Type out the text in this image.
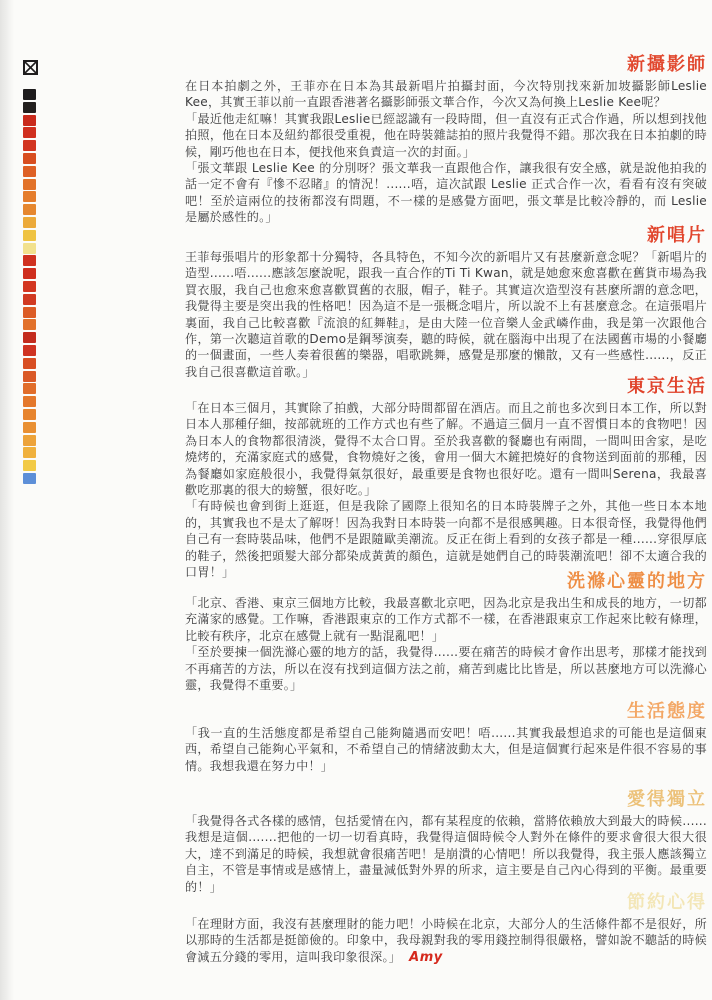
新攝影師

在日本拍劇之外，王菲亦在日本為其最新唱片拍攝封面，今次特別找來新加坡攝影師Leslie Kee，其實王菲以前一直跟香港著名攝影師張文華合作，今次又為何換上Leslie Kee呢？

「最近他走紅嘛！其實我跟Leslie已經認識有一段時間，但一直沒有正式合作過，所以想到找他拍照，他在日本及紐約都很受重視，他在時裝雜誌拍的照片我覺得不錯。那次我在日本拍劇的時候，剛巧他也在日本，便找他來負責這一次的封面。」

「張文華跟 Leslie Kee 的分別呀？張文華我一直跟他合作，讓我很有安全感，就是說他拍我的話一定不會有『慘不忍睹』的情況！......唔，這次試跟 Leslie 正式合作一次，看看有沒有突破吧！至於這兩位的技術都沒有問題，不一樣的是感覺方面吧，張文華是比較冷靜的，而 Leslie 是屬於感性的。」

新唱片

王菲每張唱片的形象都十分獨特，各具特色，不知今次的新唱片又有甚麼新意念呢？「新唱片的造型......唔......應該怎麼說呢，跟我一直合作的Ti Ti Kwan，就是她愈來愈喜歡在舊貨市場為我買衣服，我自己也愈來愈喜歡買舊的衣服，帽子，鞋子。其實這次造型沒有甚麼所謂的意念吧，我覺得主要是突出我的性格吧！因為這不是一張概念唱片，所以說不上有甚麼意念。在這張唱片裏面，我自己比較喜歡『流浪的紅舞鞋』，是由大陸一位音樂人金武嶙作曲，我是第一次跟他合作，第一次聽這首歌的Demo是鋼琴演奏，聽的時候，就在腦海中出現了在法國舊市場的小餐廳的一個畫面，一些人奏着很舊的樂器，唱歌跳舞，感覺是那麼的懶散，又有一些感性......，反正我自己很喜歡這首歌。」

東京生活

「在日本三個月，其實除了拍戲，大部分時間都留在酒店。而且之前也多次到日本工作，所以對日本人那種仔細，按部就班的工作方式也有些了解。不過這三個月一直不習慣日本的食物吧！因為日本人的食物都很清淡，覺得不太合口胃。至於我喜歡的餐廳也有兩間，一間叫田舍家，是吃燒烤的，充滿家庭式的感覺，食物燒好之後，會用一個大木鏟把燒好的食物送到面前的那種，因為餐廳如家庭般很小，我覺得氣氛很好，最重要是食物也很好吃。還有一間叫Serena，我最喜歡吃那裏的很大的螃蟹，很好吃。」

「有時候也會到街上逛逛，但是我除了國際上很知名的日本時裝牌子之外，其他一些日本本地的，其實我也不是太了解呀！因為我對日本時裝一向都不是很感興趣。日本很奇怪，我覺得他們自己有一套時裝品味，他們不是跟隨歐美潮流。反正在街上看到的女孩子都是一種......穿很厚底的鞋子，然後把頭髮大部分都染成黃黃的顏色，這就是她們自己的時裝潮流吧！卻不太適合我的口胃！」	洗滌心靈的地方

「北京、香港、東京三個地方比較，我最喜歡北京吧，因為北京是我出生和成長的地方，一切都充滿家的感覺。工作嘛，香港跟東京的工作方式都不一樣，在香港跟東京工作起來比較有條理，比較有秩序，北京在感覺上就有一點混亂吧！」

「至於要揀一個洗滌心靈的地方的話，我覺得......要在痛苦的時候才會作出思考，那樣才能找到不再痛苦的方法，所以在沒有找到這個方法之前，痛苦到處比比皆是，所以甚麼地方可以洗滌心靈，我覺得不重要。」

生活態度

「我一直的生活態度都是希望自己能夠隨遇而安吧！唔......其實我最想追求的可能也是這個東西，希望自己能夠心平氣和，不希望自己的情緒波動太大，但是這個實行起來是件很不容易的事情。我想我還在努力中！」

愛得獨立

「我覺得各式各樣的感情，包括愛情在內，都有某程度的依賴，當將依賴放大到最大的時候......我想是這個.......把他的一切一切看真時，我覺得這個時候令人對外在條件的要求會很大很大很大，達不到滿足的時候，我想就會很痛苦吧！是崩潰的心情吧！所以我覺得，我主張人應該獨立自主，不管是事情或是感情上，盡量減低對外界的所求，這主要是自己內心得到的平衡。最重要的！」

節約心得

「在理財方面，我沒有甚麼理財的能力吧！小時候在北京，大部分人的生活條件都不是很好，所以那時的生活都是挺節儉的。印象中，我母親對我的零用錢控制得很嚴格，譬如說不聽話的時候會減五分錢的零用，這叫我印象很深。」 Amy
